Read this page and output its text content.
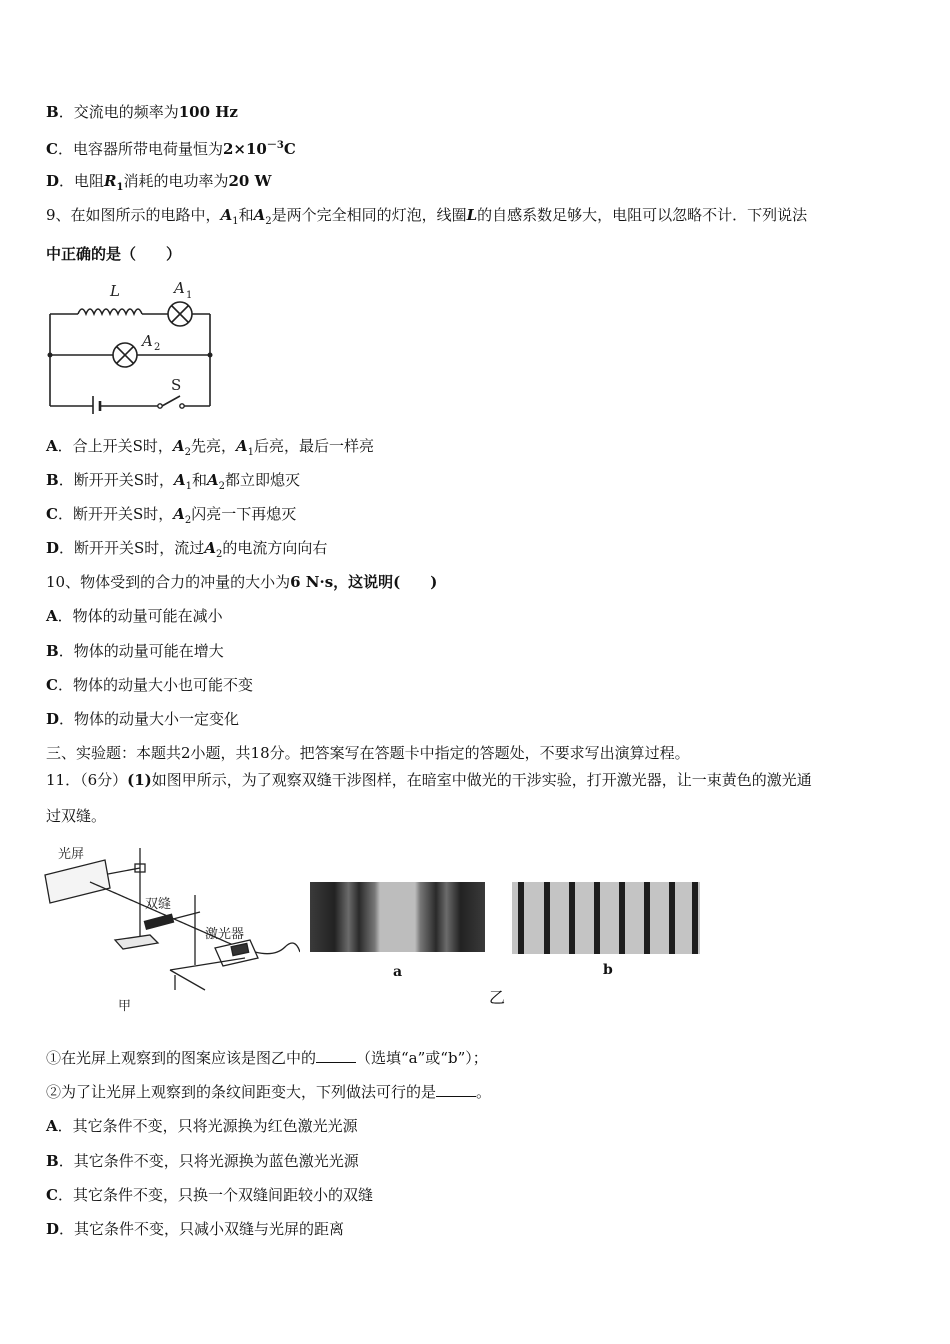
B．交流电的频率为100 Hz
C．电容器所带电荷量恒为$2\times 10^{-3}C$
D．电阻$R_1$消耗的电功率为20 W
9、在如图所示的电路中，$A_1$和$A_2$是两个完全相同的灯泡，线圈L的自感系数足够大，电阻可以忽略不计．下列说法
中正确的是（　　）
L	A 1
A 2
S
A．合上开关S时，$A_2$先亮，$A_1$后亮，最后一样亮
B．断开开关S时，$A_1$和$A_2$都立即熄灭
C．断开开关S时，$A_2$闪亮一下再熄灭
D．断开开关S时，流过$A_2$的电流方向向右
10、物体受到的合力的冲量的大小为6 N·s，这说明(　　)
A．物体的动量可能在减小
B．物体的动量可能在增大
C．物体的动量大小也可能不变
D．物体的动量大小一定变化
三、实验题：本题共2小题，共18分。把答案写在答题卡中指定的答题处，不要求写出演算过程。
11．（6分）(1)如图甲所示，为了观察双缝干涉图样，在暗室中做光的干涉实验，打开激光器，让一束黄色的激光通
过双缝。
光屏
双缝
激光器
甲
a	b
乙
①在光屏上观察到的图案应该是图乙中的	（选填“a”或“b”）；
②为了让光屏上观察到的条纹间距变大，下列做法可行的是	。
A．其它条件不变，只将光源换为红色激光光源
B．其它条件不变，只将光源换为蓝色激光光源
C．其它条件不变，只换一个双缝间距较小的双缝
D．其它条件不变，只减小双缝与光屏的距离
